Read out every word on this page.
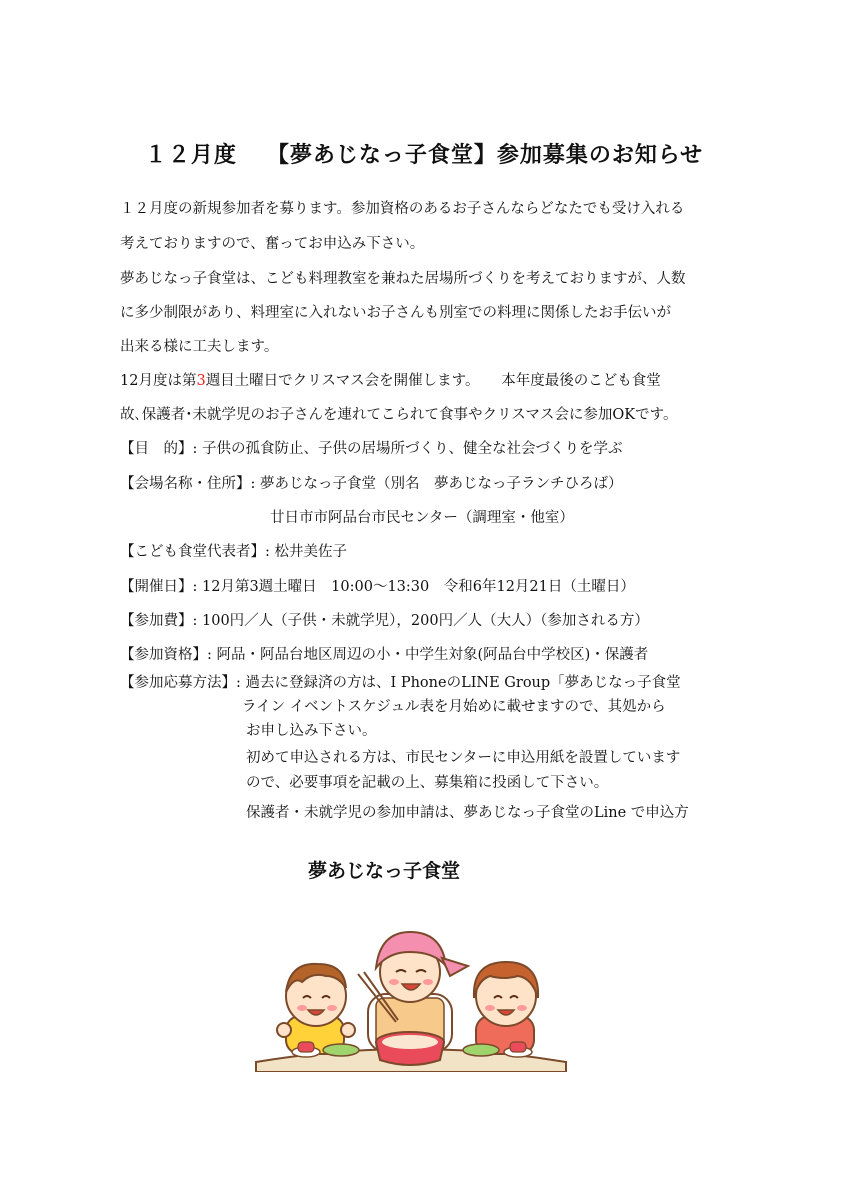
１２月度 【夢あじなっ子食堂】参加募集のお知らせ
１２月度の新規参加者を募ります。参加資格のあるお子さんならどなたでも受け入れる
考えておりますので、奮ってお申込み下さい。
夢あじなっ子食堂は、こども料理教室を兼ねた居場所づくりを考えておりますが、人数
に多少制限があり、料理室に入れないお子さんも別室での料理に関係したお手伝いが
出来る様に工夫します。
12月度は第3週目土曜日でクリスマス会を開催します。　　本年度最後のこども食堂
故､保護者･未就学児のお子さんを連れてこられて食事やクリスマス会に参加OKです。
【目　的】: 子供の孤食防止、子供の居場所づくり、健全な社会づくりを学ぶ
【会場名称・住所】: 夢あじなっ子食堂（別名　夢あじなっ子ランチひろば）
廿日市市阿品台市民センター（調理室・他室）
【こども食堂代表者】: 松井美佐子
【開催日】: 12月第3週土曜日　10:00～13:30　令和6年12月21日（土曜日）
【参加費】: 100円／人（子供・未就学児），200円／人（大人）（参加される方）
【参加資格】: 阿品・阿品台地区周辺の小・中学生対象(阿品台中学校区)・保護者
【参加応募方法】: 過去に登録済の方は、I PhoneのLINE Group「夢あじなっ子食堂
ライン イベントスケジュル表を月始めに載せますので、其処から
お申し込み下さい。
初めて申込される方は、市民センターに申込用紙を設置しています
ので、必要事項を記載の上、募集箱に投函して下さい。
保護者・未就学児の参加申請は、夢あじなっ子食堂のLine で申込方
夢あじなっ子食堂
